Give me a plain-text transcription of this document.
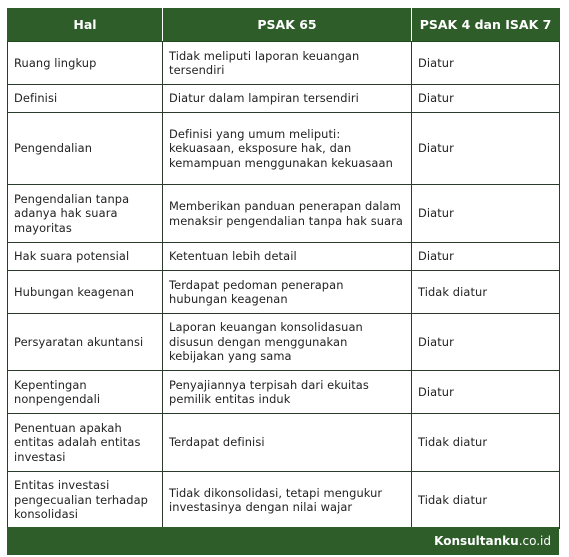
Hal	PSAK 65	PSAK 4 dan ISAK 7
Ruang lingkup	Tidak meliputi laporan keuangan tersendiri	Diatur
Definisi	Diatur dalam lampiran tersendiri	Diatur
Pengendalian	Definisi yang umum meliputi: kekuasaan, eksposure hak, dan kemampuan menggunakan kekuasaan	Diatur
Pengendalian tanpa adanya hak suara mayoritas	Memberikan panduan penerapan dalam menaksir pengendalian tanpa hak suara	Diatur
Hak suara potensial	Ketentuan lebih detail	Diatur
Hubungan keagenan	Terdapat pedoman penerapan hubungan keagenan	Tidak diatur
Persyaratan akuntansi	Laporan keuangan konsolidasuan disusun dengan menggunakan kebijakan yang sama	Diatur
Kepentingan nonpengendali	Penyajiannya terpisah dari ekuitas pemilik entitas induk	Diatur
Penentuan apakah entitas adalah entitas investasi	Terdapat definisi	Tidak diatur
Entitas investasi pengecualian terhadap konsolidasi	Tidak dikonsolidasi, tetapi mengukur investasinya dengan nilai wajar	Tidak diatur
Konsultanku .co.id
